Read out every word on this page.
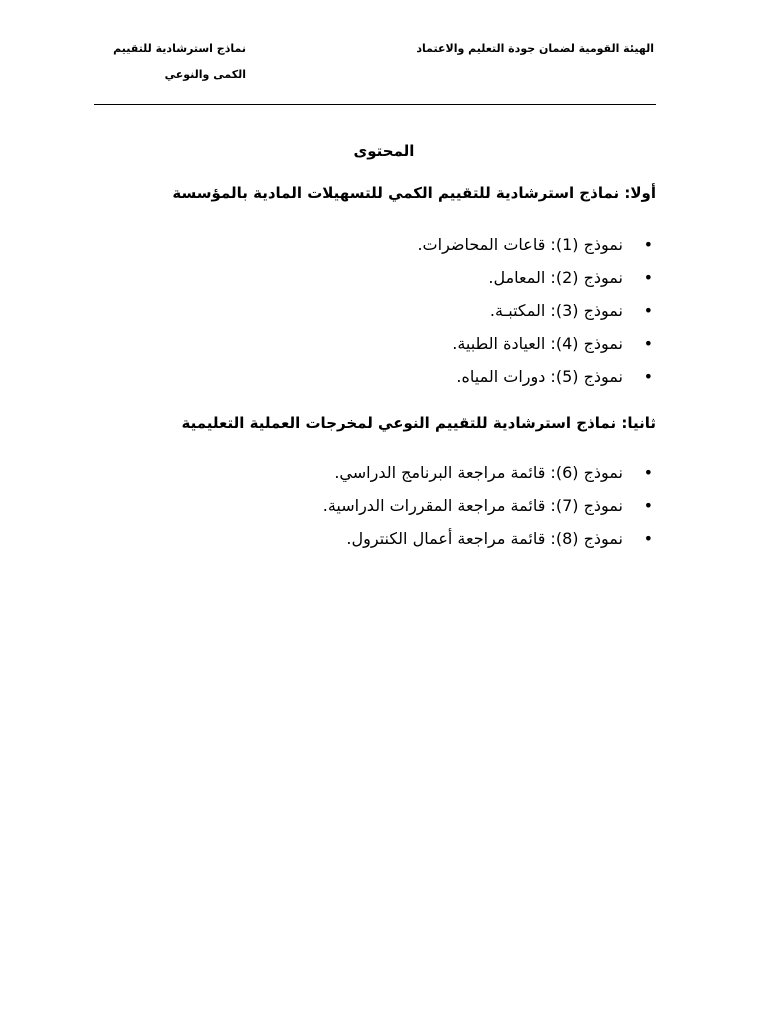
الهيئة القومية لضمان جودة التعليم والاعتماد
نماذج استرشادية للتقييم الكمى والنوعي
المحتوى
أولا: نماذج استرشادية للتقييم الكمي للتسهيلات المادية بالمؤسسة
•
نموذج (1): قاعات المحاضرات.
•
نموذج (2): المعامل.
•
نموذج (3): المكتبـة.
•
نموذج (4): العيادة الطبية.
•
نموذج (5): دورات المياه.
ثانيا: نماذج استرشادية للتقييم النوعي لمخرجات العملية التعليمية
•
نموذج (6): قائمة مراجعة البرنامج الدراسي.
•
نموذج (7): قائمة مراجعة المقررات الدراسية.
•
نموذج (8): قائمة مراجعة أعمال الكنترول.
